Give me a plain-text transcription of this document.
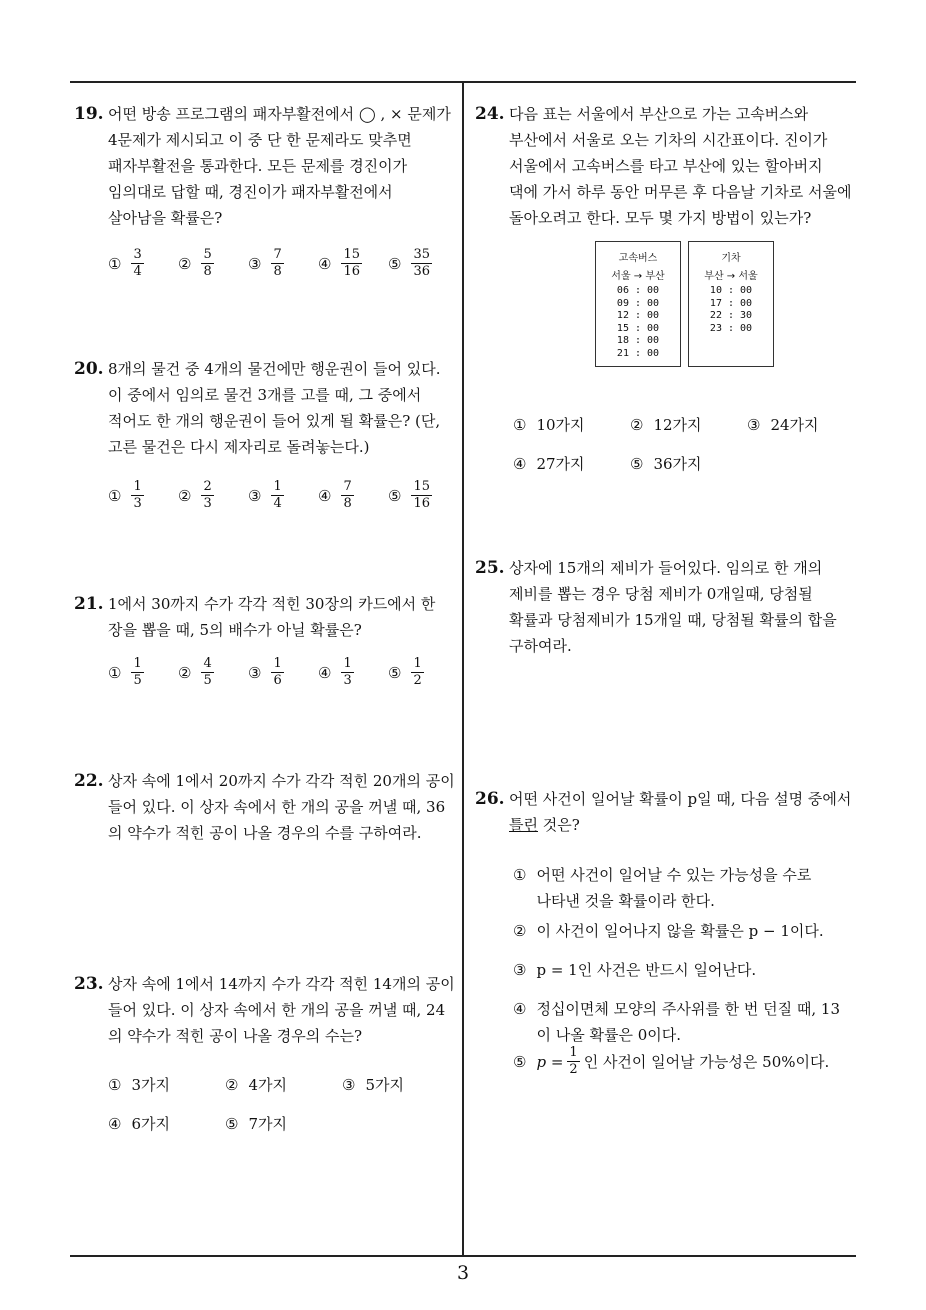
19. 어떤 방송 프로그램의 패자부활전에서 ◯ , × 문제가
4문제가 제시되고 이 중 단 한 문제라도 맞추면
패자부활전을 통과한다. 모든 문제를 경진이가
임의대로 답할 때, 경진이가 패자부활전에서
살아남을 확률은?
① $\frac{3}{4}$ ② $\frac{5}{8}$ ③ $\frac{7}{8}$ ④ $\frac{15}{16}$ ⑤ $\frac{35}{36}$
20. 8개의 물건 중 4개의 물건에만 행운권이 들어 있다.
이 중에서 임의로 물건 3개를 고를 때, 그 중에서
적어도 한 개의 행운권이 들어 있게 될 확률은? (단,
고른 물건은 다시 제자리로 돌려놓는다.)
① $\frac{1}{3}$ ② $\frac{2}{3}$ ③ $\frac{1}{4}$ ④ $\frac{7}{8}$ ⑤ $\frac{15}{16}$
21. 1에서 30까지 수가 각각 적힌 30장의 카드에서 한
장을 뽑을 때, 5의 배수가 아닐 확률은?
① $\frac{1}{5}$ ② $\frac{4}{5}$ ③ $\frac{1}{6}$ ④ $\frac{1}{3}$ ⑤ $\frac{1}{2}$
22. 상자 속에 1에서 20까지 수가 각각 적힌 20개의 공이
들어 있다. 이 상자 속에서 한 개의 공을 꺼낼 때, 36
의 약수가 적힌 공이 나올 경우의 수를 구하여라.
23. 상자 속에 1에서 14까지 수가 각각 적힌 14개의 공이
들어 있다. 이 상자 속에서 한 개의 공을 꺼낼 때, 24
의 약수가 적힌 공이 나올 경우의 수는?
① 3가지	② 4가지	③ 5가지
④ 6가지	⑤ 7가지
24. 다음 표는 서울에서 부산으로 가는 고속버스와
부산에서 서울로 오는 기차의 시간표이다. 진이가
서울에서 고속버스를 타고 부산에 있는 할아버지
댁에 가서 하루 동안 머무른 후 다음날 기차로 서울에
돌아오려고 한다. 모두 몇 가지 방법이 있는가?
고속버스
서울 → 부산
06 : 00
09 : 00
12 : 00
15 : 00
18 : 00
21 : 00
기차
부산 → 서울
10 : 00
17 : 00
22 : 30
23 : 00
① 10가지	② 12가지	③ 24가지
④ 27가지	⑤ 36가지
25. 상자에 15개의 제비가 들어있다. 임의로 한 개의
제비를 뽑는 경우 당첨 제비가 0개일때, 당첨될
확률과 당첨제비가 15개일 때, 당첨될 확률의 합을
구하여라.
26. 어떤 사건이 일어날 확률이 p일 때, 다음 설명 중에서
틀린 것은?
① 어떤 사건이 일어날 수 있는 가능성을 수로
나타낸 것을 확률이라 한다.
② 이 사건이 일어나지 않을 확률은 p − 1이다.
③ p = 1인 사건은 반드시 일어난다.
④ 정십이면체 모양의 주사위를 한 번 던질 때, 13
이 나올 확률은 0이다.
⑤ $p = \frac{1}{2}$ 인 사건이 일어날 가능성은 50%이다.
3
